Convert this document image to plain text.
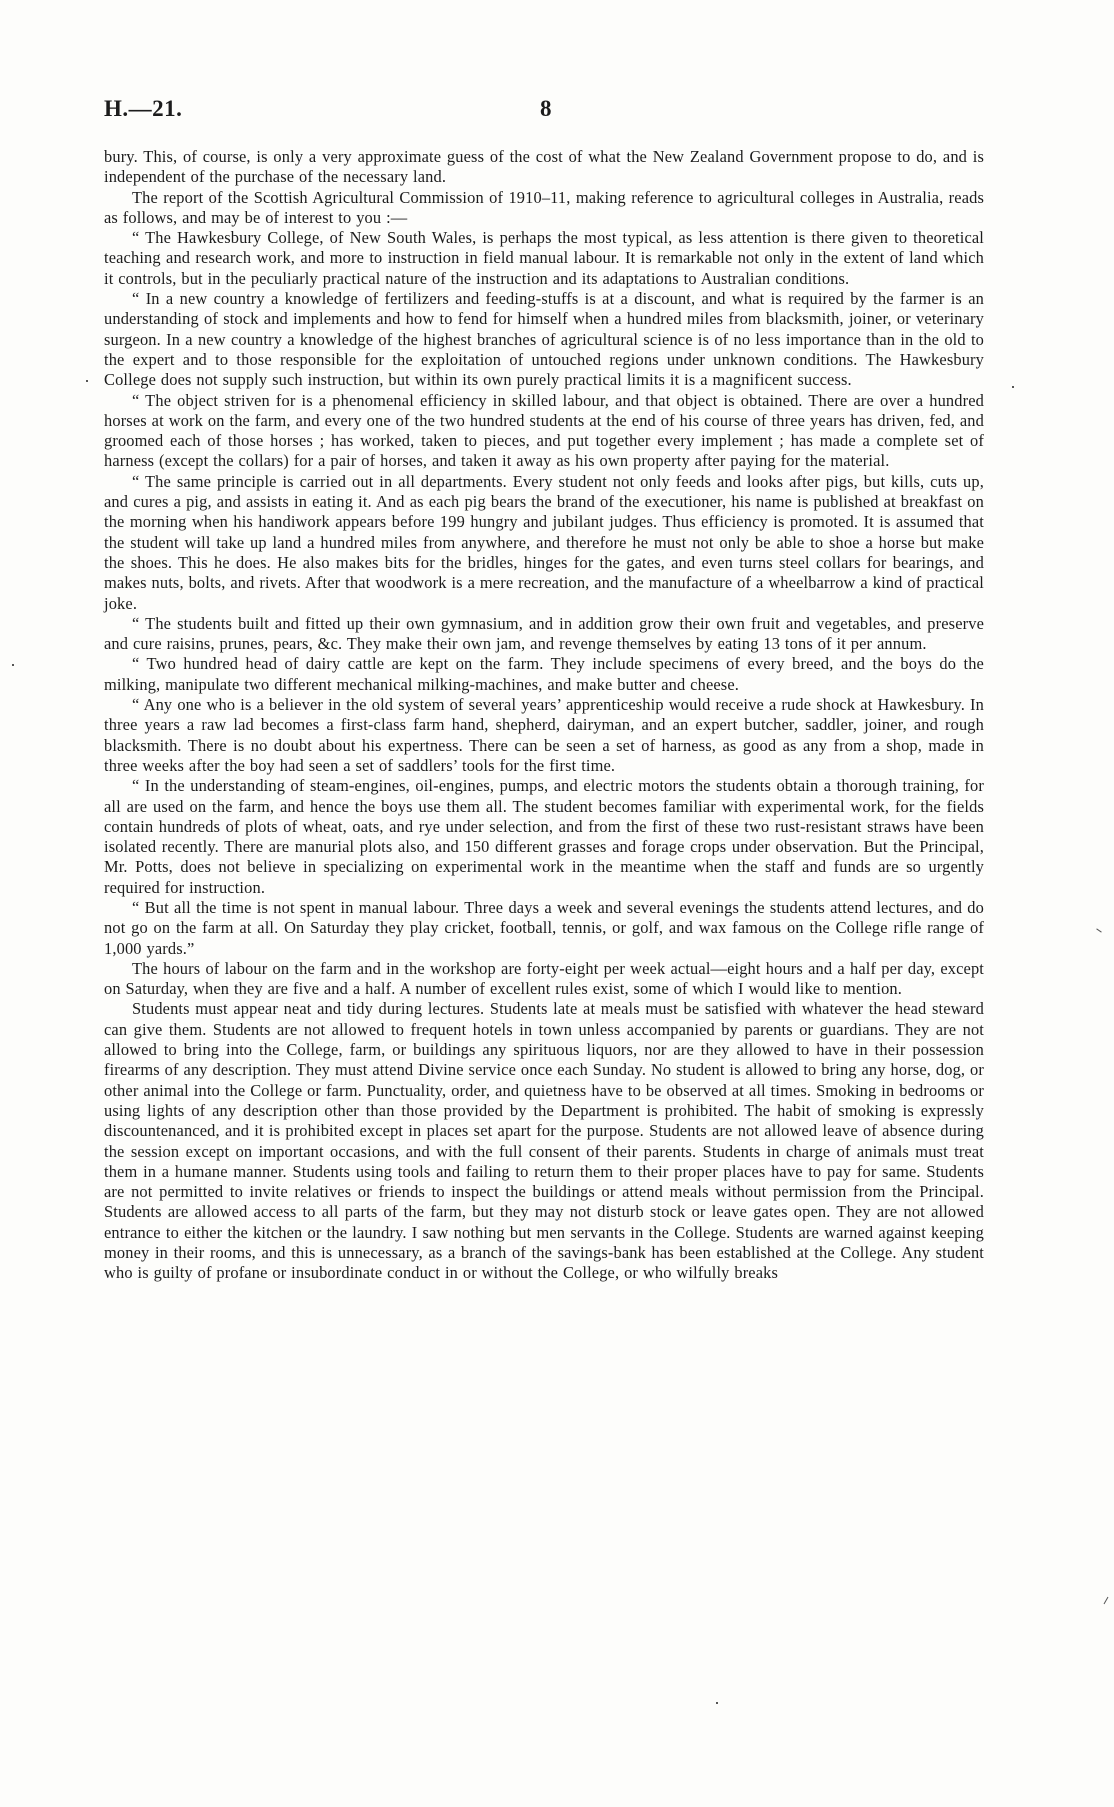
H.—21.	8

bury. This, of course, is only a very approximate guess of the cost of what the New Zealand Government propose to do, and is independent of the purchase of the necessary land.

The report of the Scottish Agricultural Commission of 1910–11, making reference to agricultural colleges in Australia, reads as follows, and may be of interest to you :—

“ The Hawkesbury College, of New South Wales, is perhaps the most typical, as less attention is there given to theoretical teaching and research work, and more to instruction in field manual labour. It is remarkable not only in the extent of land which it controls, but in the peculiarly practical nature of the instruction and its adaptations to Australian conditions.

“ In a new country a knowledge of fertilizers and feeding-stuffs is at a discount, and what is required by the farmer is an understanding of stock and implements and how to fend for himself when a hundred miles from blacksmith, joiner, or veterinary surgeon. In a new country a knowledge of the highest branches of agricultural science is of no less importance than in the old to the expert and to those responsible for the exploitation of untouched regions under unknown conditions. The Hawkesbury College does not supply such instruction, but within its own purely practical limits it is a magnificent success.

“ The object striven for is a phenomenal efficiency in skilled labour, and that object is obtained. There are over a hundred horses at work on the farm, and every one of the two hundred students at the end of his course of three years has driven, fed, and groomed each of those horses ; has worked, taken to pieces, and put together every implement ; has made a complete set of harness (except the collars) for a pair of horses, and taken it away as his own property after paying for the material.

“ The same principle is carried out in all departments. Every student not only feeds and looks after pigs, but kills, cuts up, and cures a pig, and assists in eating it. And as each pig bears the brand of the executioner, his name is published at breakfast on the morning when his handiwork appears before 199 hungry and jubilant judges. Thus efficiency is promoted. It is assumed that the student will take up land a hundred miles from anywhere, and therefore he must not only be able to shoe a horse but make the shoes. This he does. He also makes bits for the bridles, hinges for the gates, and even turns steel collars for bearings, and makes nuts, bolts, and rivets. After that woodwork is a mere recreation, and the manufacture of a wheelbarrow a kind of practical joke.

“ The students built and fitted up their own gymnasium, and in addition grow their own fruit and vegetables, and preserve and cure raisins, prunes, pears, &c. They make their own jam, and revenge themselves by eating 13 tons of it per annum.

“ Two hundred head of dairy cattle are kept on the farm. They include specimens of every breed, and the boys do the milking, manipulate two different mechanical milking-machines, and make butter and cheese.

“ Any one who is a believer in the old system of several years’ apprenticeship would receive a rude shock at Hawkesbury. In three years a raw lad becomes a first-class farm hand, shepherd, dairyman, and an expert butcher, saddler, joiner, and rough blacksmith. There is no doubt about his expertness. There can be seen a set of harness, as good as any from a shop, made in three weeks after the boy had seen a set of saddlers’ tools for the first time.

“ In the understanding of steam-engines, oil-engines, pumps, and electric motors the students obtain a thorough training, for all are used on the farm, and hence the boys use them all. The student becomes familiar with experimental work, for the fields contain hundreds of plots of wheat, oats, and rye under selection, and from the first of these two rust-resistant straws have been isolated recently. There are manurial plots also, and 150 different grasses and forage crops under observation. But the Principal, Mr. Potts, does not believe in specializing on experimental work in the meantime when the staff and funds are so urgently required for instruction.

“ But all the time is not spent in manual labour. Three days a week and several evenings the students attend lectures, and do not go on the farm at all. On Saturday they play cricket, football, tennis, or golf, and wax famous on the College rifle range of 1,000 yards.”

The hours of labour on the farm and in the workshop are forty-eight per week actual—eight hours and a half per day, except on Saturday, when they are five and a half. A number of excellent rules exist, some of which I would like to mention.

Students must appear neat and tidy during lectures. Students late at meals must be satisfied with whatever the head steward can give them. Students are not allowed to frequent hotels in town unless accompanied by parents or guardians. They are not allowed to bring into the College, farm, or buildings any spirituous liquors, nor are they allowed to have in their possession firearms of any description. They must attend Divine service once each Sunday. No student is allowed to bring any horse, dog, or other animal into the College or farm. Punctuality, order, and quietness have to be observed at all times. Smoking in bedrooms or using lights of any description other than those provided by the Department is prohibited. The habit of smoking is expressly discountenanced, and it is prohibited except in places set apart for the purpose. Students are not allowed leave of absence during the session except on important occasions, and with the full consent of their parents. Students in charge of animals must treat them in a humane manner. Students using tools and failing to return them to their proper places have to pay for same. Students are not permitted to invite relatives or friends to inspect the buildings or attend meals without permission from the Principal. Students are allowed access to all parts of the farm, but they may not disturb stock or leave gates open. They are not allowed entrance to either the kitchen or the laundry. I saw nothing but men servants in the College. Students are warned against keeping money in their rooms, and this is unnecessary, as a branch of the savings-bank has been established at the College. Any student who is guilty of profane or insubordinate conduct in or without the College, or who wilfully breaks
